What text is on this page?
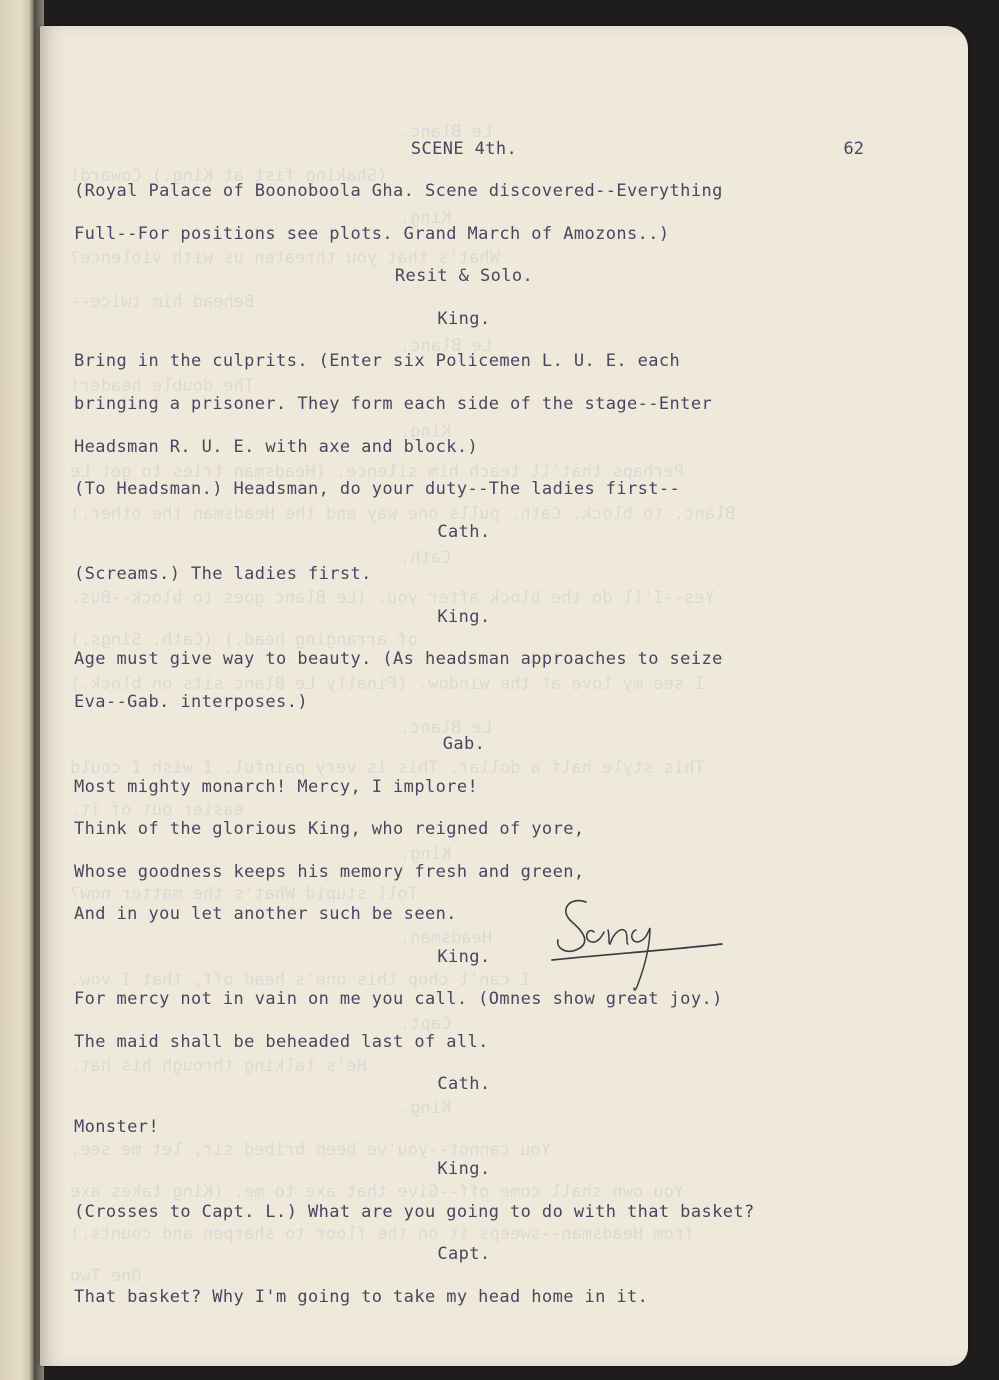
Le Blanc.
(Shaking fist at King.) Coward!
King.
What's that you threaten us with violence?
Behead him twice--
Le Blanc.
The double header!
King.
Perhaps that'll teach him silence. (Headsman tries to get Le
Blanc. to block. Cath. pulls one way and the Headsman the other.)
Cath.
Yes--I'll do the block after you. (Le Blanc goes to block--Bus.
of arranging head.) (Cath. Sings.)
I see my love at the window. (Finally Le Blanc sits on block.)
Le Blanc.
This style half a dollar. This is very painful. I wish I could
easier out of it.
King.
Toll stupid What's the matter now?
Headsman.
I can't chop this one's head off, that I vow.
Capt.
He's talking through his hat.
King.
You cannot--you've been bribed sir, let me see,
You own shall come off--Give that axe to me. (King takes axe
from Headsman--sweeps it on the floor to sharpen and counts.)
One Two
SCENE 4th.	62
(Royal Palace of Boonoboola Gha. Scene discovered--Everything
Full--For positions see plots. Grand March of Amozons..)
Resit & Solo.
King.
Bring in the culprits. (Enter six Policemen L. U. E. each
bringing a prisoner. They form each side of the stage--Enter
Headsman R. U. E. with axe and block.)
(To Headsman.) Headsman, do your duty--The ladies first--
Cath.
(Screams.) The ladies first.
King.
Age must give way to beauty. (As headsman approaches to seize
Eva--Gab. interposes.)
Gab.
Most mighty monarch! Mercy, I implore!
Think of the glorious King, who reigned of yore,
Whose goodness keeps his memory fresh and green,
And in you let another such be seen.
King.
For mercy not in vain on me you call. (Omnes show great joy.)
The maid shall be beheaded last of all.
Cath.
Monster!
King.
(Crosses to Capt. L.) What are you going to do with that basket?
Capt.
That basket? Why I'm going to take my head home in it.
